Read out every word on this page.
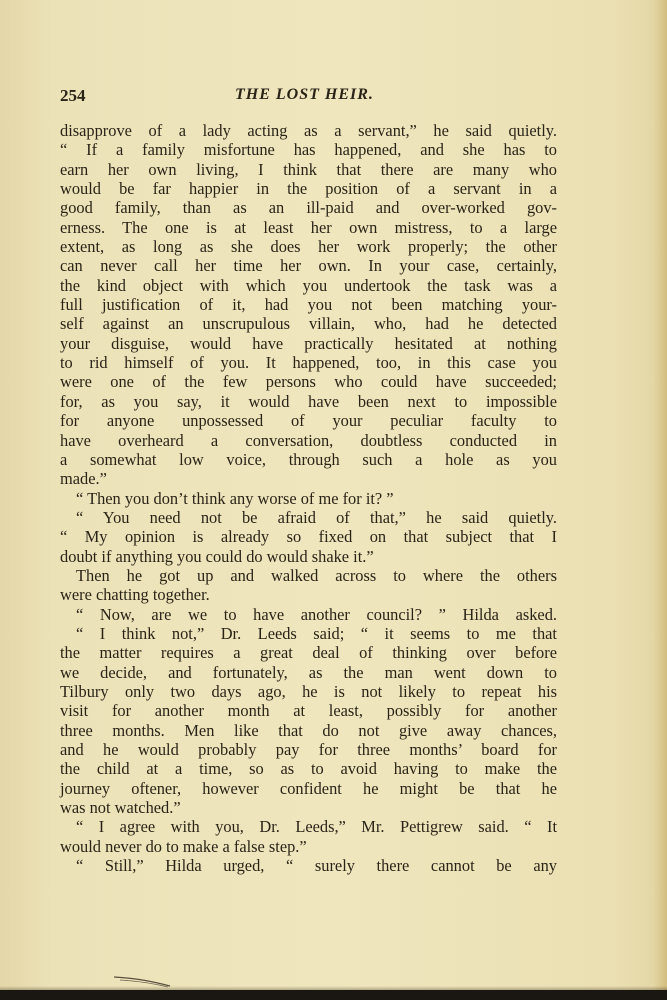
254	THE LOST HEIR.
disapprove of a lady acting as a servant,” he said quietly.
“ If a family misfortune has happened, and she has to
earn her own living, I think that there are many who
would be far happier in the position of a servant in a
good family, than as an ill-paid and over-worked gov-
erness. The one is at least her own mistress, to a large
extent, as long as she does her work properly; the other
can never call her time her own. In your case, certainly,
the kind object with which you undertook the task was a
full justification of it, had you not been matching your-
self against an unscrupulous villain, who, had he detected
your disguise, would have practically hesitated at nothing
to rid himself of you. It happened, too, in this case you
were one of the few persons who could have succeeded;
for, as you say, it would have been next to impossible
for anyone unpossessed of your peculiar faculty to
have overheard a conversation, doubtless conducted in
a somewhat low voice, through such a hole as you
made.”
“ Then you don’t think any worse of me for it? ”
“ You need not be afraid of that,” he said quietly.
“ My opinion is already so fixed on that subject that I
doubt if anything you could do would shake it.”
Then he got up and walked across to where the others
were chatting together.
“ Now, are we to have another council? ” Hilda asked.
“ I think not,” Dr. Leeds said; “ it seems to me that
the matter requires a great deal of thinking over before
we decide, and fortunately, as the man went down to
Tilbury only two days ago, he is not likely to repeat his
visit for another month at least, possibly for another
three months. Men like that do not give away chances,
and he would probably pay for three months’ board for
the child at a time, so as to avoid having to make the
journey oftener, however confident he might be that he
was not watched.”
“ I agree with you, Dr. Leeds,” Mr. Pettigrew said. “ It
would never do to make a false step.”
“ Still,” Hilda urged, “ surely there cannot be any
